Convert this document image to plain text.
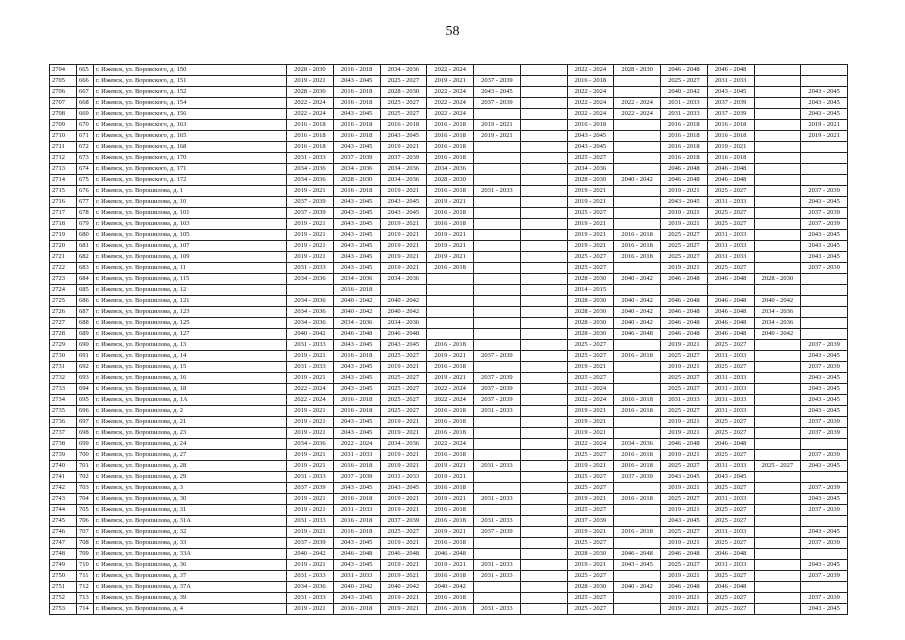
58
2704	665	г. Ижевск, ул. Воровского, д. 150	2028 - 2030	2016 - 2018	2034 - 2036	2022 - 2024			2022 - 2024	2028 - 2030	2046 - 2048	2046 - 2048		
2705	666	г. Ижевск, ул. Воровского, д. 151	2019 - 2021	2043 - 2045	2025 - 2027	2019 - 2021	2037 - 2039		2016 - 2018		2025 - 2027	2031 - 2033		
2706	667	г. Ижевск, ул. Воровского, д. 152	2028 - 2030	2016 - 2018	2028 - 2030	2022 - 2024	2043 - 2045		2022 - 2024		2040 - 2042	2043 - 2045		2043 - 2045
2707	668	г. Ижевск, ул. Воровского, д. 154	2022 - 2024	2016 - 2018	2025 - 2027	2022 - 2024	2037 - 2039		2022 - 2024	2022 - 2024	2031 - 2033	2037 - 2039		2043 - 2045
2708	669	г. Ижевск, ул. Воровского, д. 156	2022 - 2024	2043 - 2045	2025 - 2027	2022 - 2024			2022 - 2024	2022 - 2024	2031 - 2033	2037 - 2039		2043 - 2045
2709	670	г. Ижевск, ул. Воровского, д. 163	2016 - 2018	2016 - 2018	2016 - 2018	2016 - 2018	2019 - 2021		2016 - 2018		2016 - 2018	2016 - 2018		2019 - 2021
2710	671	г. Ижевск, ул. Воровского, д. 165	2016 - 2018	2016 - 2018	2043 - 2045	2016 - 2018	2019 - 2021		2043 - 2045		2016 - 2018	2016 - 2018		2019 - 2021
2711	672	г. Ижевск, ул. Воровского, д. 168	2016 - 2018	2043 - 2045	2019 - 2021	2016 - 2018			2043 - 2045		2016 - 2018	2019 - 2021		
2712	673	г. Ижевск, ул. Воровского, д. 170	2031 - 2033	2037 - 2039	2037 - 2039	2016 - 2018			2025 - 2027		2016 - 2018	2016 - 2018		
2713	674	г. Ижевск, ул. Воровского, д. 171	2034 - 2036	2034 - 2036	2034 - 2036	2034 - 2036			2034 - 2036		2046 - 2048	2046 - 2048		
2714	675	г. Ижевск, ул. Воровского, д. 172	2034 - 2036	2028 - 2030	2034 - 2036	2028 - 2030			2028 - 2030	2040 - 2042	2046 - 2048	2046 - 2048		
2715	676	г. Ижевск, ул. Ворошилова, д. 1	2019 - 2021	2016 - 2018	2019 - 2021	2016 - 2018	2031 - 2033		2019 - 2021		2019 - 2021	2025 - 2027		2037 - 2039
2716	677	г. Ижевск, ул. Ворошилова, д. 10	2037 - 2039	2043 - 2045	2043 - 2045	2019 - 2021			2019 - 2021		2043 - 2045	2031 - 2033		2043 - 2045
2717	678	г. Ижевск, ул. Ворошилова, д. 101	2037 - 2039	2043 - 2045	2043 - 2045	2016 - 2018			2025 - 2027		2019 - 2021	2025 - 2027		2037 - 2039
2718	679	г. Ижевск, ул. Ворошилова, д. 103	2019 - 2021	2043 - 2045	2019 - 2021	2016 - 2018			2019 - 2021		2019 - 2021	2025 - 2027		2037 - 2039
2719	680	г. Ижевск, ул. Ворошилова, д. 105	2019 - 2021	2043 - 2045	2019 - 2021	2019 - 2021			2019 - 2021	2016 - 2018	2025 - 2027	2031 - 2033		2043 - 2045
2720	681	г. Ижевск, ул. Ворошилова, д. 107	2019 - 2021	2043 - 2045	2019 - 2021	2019 - 2021			2019 - 2021	2016 - 2018	2025 - 2027	2031 - 2033		2043 - 2045
2721	682	г. Ижевск, ул. Ворошилова, д. 109	2019 - 2021	2043 - 2045	2019 - 2021	2019 - 2021			2025 - 2027	2016 - 2018	2025 - 2027	2031 - 2033		2043 - 2045
2722	683	г. Ижевск, ул. Ворошилова, д. 11	2031 - 2033	2043 - 2045	2019 - 2021	2016 - 2018			2025 - 2027		2019 - 2021	2025 - 2027		2037 - 2039
2723	684	г. Ижевск, ул. Ворошилова, д. 115	2034 - 2036	2034 - 2036	2034 - 2036				2028 - 2030	2040 - 2042	2046 - 2048	2046 - 2048	2028 - 2030	
2724	685	г. Ижевск, ул. Ворошилова, д. 12		2016 - 2018					2014 - 2015					
2725	686	г. Ижевск, ул. Ворошилова, д. 121	2034 - 2036	2040 - 2042	2040 - 2042				2028 - 2030	2040 - 2042	2046 - 2048	2046 - 2048	2040 - 2042	
2726	687	г. Ижевск, ул. Ворошилова, д. 123	2034 - 2036	2040 - 2042	2040 - 2042				2028 - 2030	2040 - 2042	2046 - 2048	2046 - 2048	2034 - 2036	
2727	688	г. Ижевск, ул. Ворошилова, д. 125	2034 - 2036	2034 - 2036	2034 - 2036				2028 - 2030	2040 - 2042	2046 - 2048	2046 - 2048	2034 - 2036	
2728	689	г. Ижевск, ул. Ворошилова, д. 127	2040 - 2042	2046 - 2048	2046 - 2048				2028 - 2030	2046 - 2048	2046 - 2048	2046 - 2048	2040 - 2042	
2729	690	г. Ижевск, ул. Ворошилова, д. 13	2031 - 2033	2043 - 2045	2043 - 2045	2016 - 2018			2025 - 2027		2019 - 2021	2025 - 2027		2037 - 2039
2730	691	г. Ижевск, ул. Ворошилова, д. 14	2019 - 2021	2016 - 2018	2025 - 2027	2019 - 2021	2037 - 2039		2025 - 2027	2016 - 2018	2025 - 2027	2031 - 2033		2043 - 2045
2731	692	г. Ижевск, ул. Ворошилова, д. 15	2031 - 2033	2043 - 2045	2019 - 2021	2016 - 2018			2019 - 2021		2019 - 2021	2025 - 2027		2037 - 2039
2732	693	г. Ижевск, ул. Ворошилова, д. 16	2019 - 2021	2043 - 2045	2025 - 2027	2019 - 2021	2037 - 2039		2025 - 2027		2025 - 2027	2031 - 2033		2043 - 2045
2733	694	г. Ижевск, ул. Ворошилова, д. 18	2022 - 2024	2043 - 2045	2025 - 2027	2022 - 2024	2037 - 2039		2022 - 2024		2025 - 2027	2031 - 2033		2043 - 2045
2734	695	г. Ижевск, ул. Ворошилова, д. 1А	2022 - 2024	2016 - 2018	2025 - 2027	2022 - 2024	2037 - 2039		2022 - 2024	2016 - 2018	2031 - 2033	2031 - 2033		2043 - 2045
2735	696	г. Ижевск, ул. Ворошилова, д. 2	2019 - 2021	2016 - 2018	2025 - 2027	2016 - 2018	2031 - 2033		2019 - 2021	2016 - 2018	2025 - 2027	2031 - 2033		2043 - 2045
2736	697	г. Ижевск, ул. Ворошилова, д. 21	2019 - 2021	2043 - 2045	2019 - 2021	2016 - 2018			2019 - 2021		2019 - 2021	2025 - 2027		2037 - 2039
2737	698	г. Ижевск, ул. Ворошилова, д. 23	2019 - 2021	2043 - 2045	2019 - 2021	2016 - 2018			2019 - 2021		2019 - 2021	2025 - 2027		2037 - 2039
2738	699	г. Ижевск, ул. Ворошилова, д. 24	2034 - 2036	2022 - 2024	2034 - 2036	2022 - 2024			2022 - 2024	2034 - 2036	2046 - 2048	2046 - 2048		
2739	700	г. Ижевск, ул. Ворошилова, д. 27	2019 - 2021	2031 - 2033	2019 - 2021	2016 - 2018			2025 - 2027	2016 - 2018	2019 - 2021	2025 - 2027		2037 - 2039
2740	701	г. Ижевск, ул. Ворошилова, д. 28	2019 - 2021	2016 - 2018	2019 - 2021	2019 - 2021	2031 - 2033		2019 - 2021	2016 - 2018	2025 - 2027	2031 - 2033	2025 - 2027	2043 - 2045
2741	702	г. Ижевск, ул. Ворошилова, д. 29	2031 - 2033	2037 - 2039	2031 - 2033	2019 - 2021			2025 - 2027	2037 - 2039	2043 - 2045	2043 - 2045		
2742	703	г. Ижевск, ул. Ворошилова, д. 3	2037 - 2039	2043 - 2045	2043 - 2045	2016 - 2018			2025 - 2027		2019 - 2021	2025 - 2027		2037 - 2039
2743	704	г. Ижевск, ул. Ворошилова, д. 30	2019 - 2021	2016 - 2018	2019 - 2021	2019 - 2021	2031 - 2033		2019 - 2021	2016 - 2018	2025 - 2027	2031 - 2033		2043 - 2045
2744	705	г. Ижевск, ул. Ворошилова, д. 31	2019 - 2021	2031 - 2033	2019 - 2021	2016 - 2018			2025 - 2027		2019 - 2021	2025 - 2027		2037 - 2039
2745	706	г. Ижевск, ул. Ворошилова, д. 31А	2031 - 2033	2016 - 2018	2037 - 2039	2016 - 2018	2031 - 2033		2037 - 2039		2043 - 2045	2025 - 2027		
2746	707	г. Ижевск, ул. Ворошилова, д. 32	2019 - 2021	2016 - 2018	2025 - 2027	2019 - 2021	2037 - 2039		2019 - 2021	2016 - 2018	2025 - 2027	2031 - 2033		2043 - 2045
2747	708	г. Ижевск, ул. Ворошилова, д. 33	2037 - 2039	2043 - 2045	2019 - 2021	2016 - 2018			2025 - 2027		2019 - 2021	2025 - 2027		2037 - 2039
2748	709	г. Ижевск, ул. Ворошилова, д. 33А	2040 - 2042	2046 - 2048	2046 - 2048	2046 - 2048			2028 - 2030	2046 - 2048	2046 - 2048	2046 - 2048		
2749	710	г. Ижевск, ул. Ворошилова, д. 36	2019 - 2021	2043 - 2045	2019 - 2021	2019 - 2021	2031 - 2033		2019 - 2021	2043 - 2045	2025 - 2027	2031 - 2033		2043 - 2045
2750	711	г. Ижевск, ул. Ворошилова, д. 37	2031 - 2033	2031 - 2033	2019 - 2021	2016 - 2018	2031 - 2033		2025 - 2027		2019 - 2021	2025 - 2027		2037 - 2039
2751	712	г. Ижевск, ул. Ворошилова, д. 37А	2034 - 2036	2040 - 2042	2040 - 2042	2040 - 2042			2028 - 2030	2040 - 2042	2046 - 2048	2046 - 2048		
2752	713	г. Ижевск, ул. Ворошилова, д. 39	2031 - 2033	2043 - 2045	2019 - 2021	2016 - 2018			2025 - 2027		2019 - 2021	2025 - 2027		2037 - 2039
2753	714	г. Ижевск, ул. Ворошилова, д. 4	2019 - 2021	2016 - 2018	2019 - 2021	2016 - 2018	2031 - 2033		2025 - 2027		2019 - 2021	2025 - 2027		2043 - 2045
